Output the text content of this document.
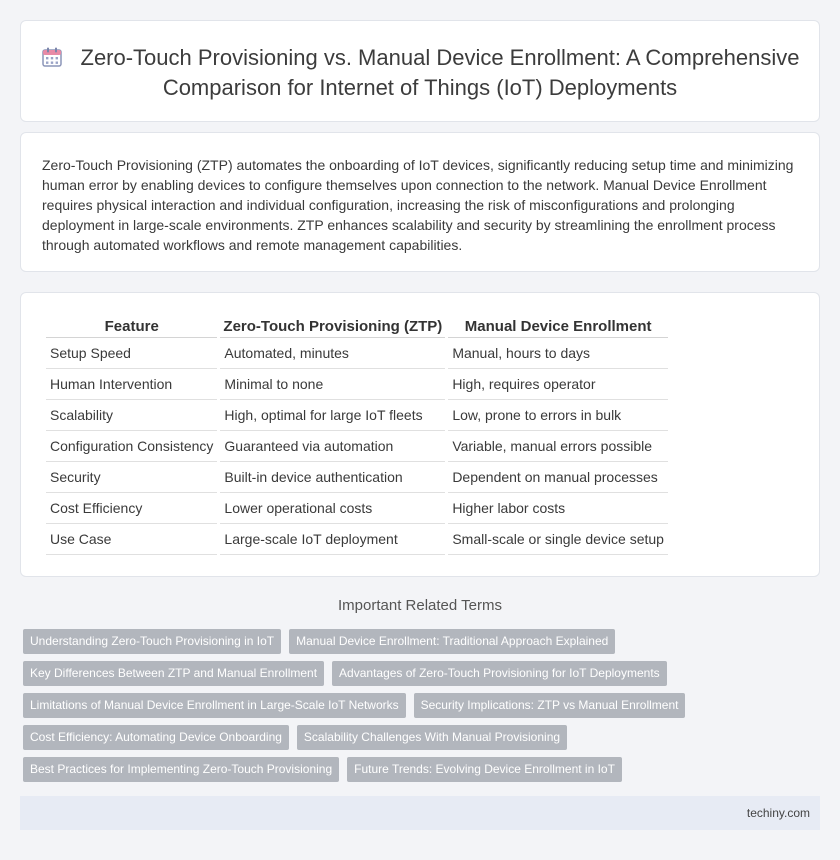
Zero-Touch Provisioning vs. Manual Device Enrollment: A Comprehensive Comparison for Internet of Things (IoT) Deployments

Zero-Touch Provisioning (ZTP) automates the onboarding of IoT devices, significantly reducing setup time and minimizing human error by enabling devices to configure themselves upon connection to the network. Manual Device Enrollment requires physical interaction and individual configuration, increasing the risk of misconfigurations and prolonging deployment in large-scale environments. ZTP enhances scalability and security by streamlining the enrollment process through automated workflows and remote management capabilities.

Feature	Zero-Touch Provisioning (ZTP)	Manual Device Enrollment
Setup Speed	Automated, minutes	Manual, hours to days
Human Intervention	Minimal to none	High, requires operator
Scalability	High, optimal for large IoT fleets	Low, prone to errors in bulk
Configuration Consistency	Guaranteed via automation	Variable, manual errors possible
Security	Built-in device authentication	Dependent on manual processes
Cost Efficiency	Lower operational costs	Higher labor costs
Use Case	Large-scale IoT deployment	Small-scale or single device setup
Important Related Terms
Understanding Zero-Touch Provisioning in IoT	Manual Device Enrollment: Traditional Approach Explained
Key Differences Between ZTP and Manual Enrollment	Advantages of Zero-Touch Provisioning for IoT Deployments
Limitations of Manual Device Enrollment in Large-Scale IoT Networks	Security Implications: ZTP vs Manual Enrollment
Cost Efficiency: Automating Device Onboarding	Scalability Challenges With Manual Provisioning
Best Practices for Implementing Zero-Touch Provisioning	Future Trends: Evolving Device Enrollment in IoT
techiny.com
